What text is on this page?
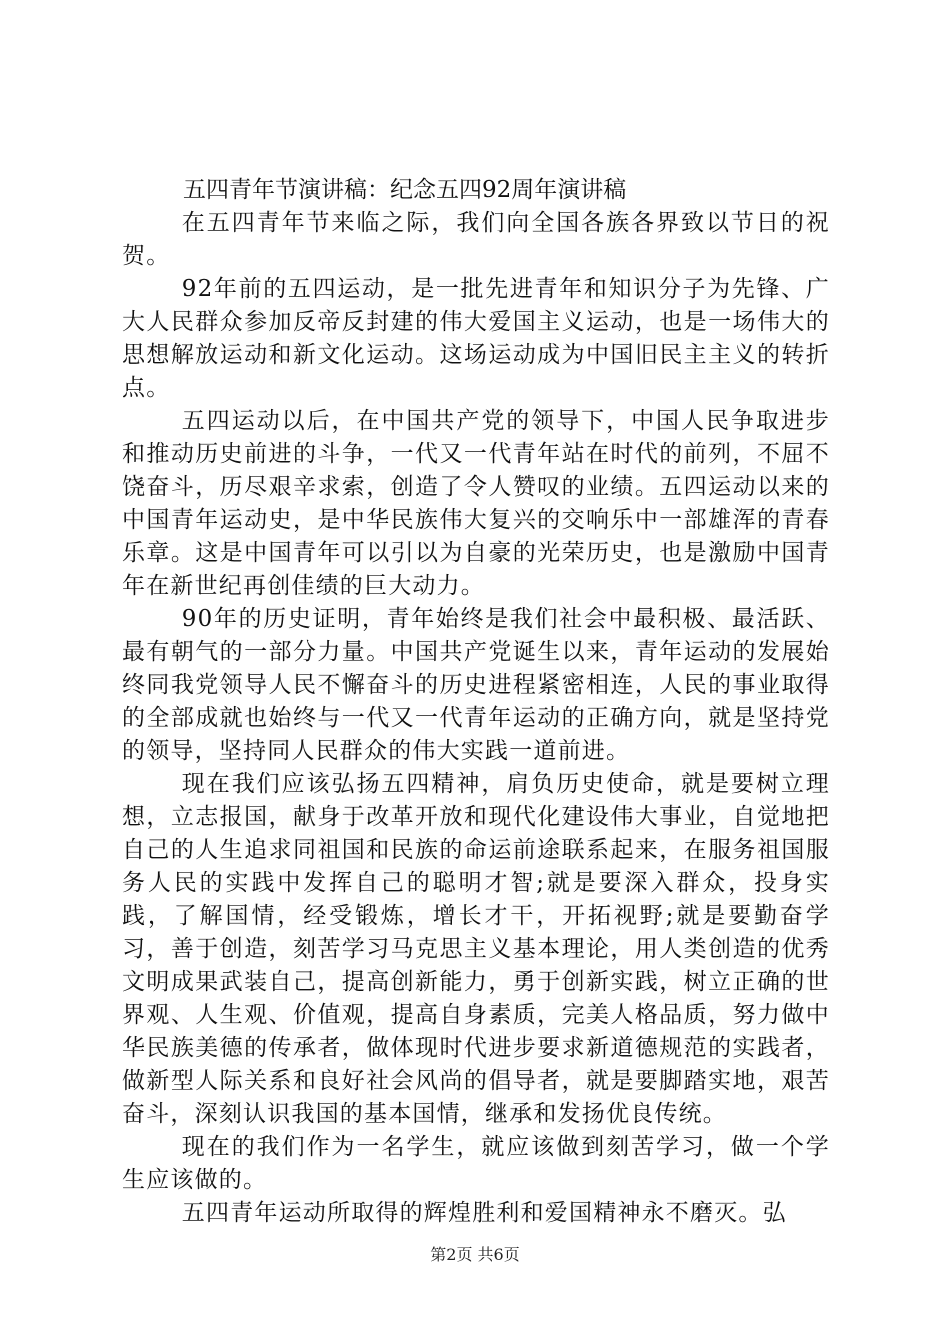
五四青年节演讲稿：纪念五四92周年演讲稿

在五四青年节来临之际，我们向全国各族各界致以节日的祝贺。

92年前的五四运动，是一批先进青年和知识分子为先锋、广大人民群众参加反帝反封建的伟大爱国主义运动，也是一场伟大的思想解放运动和新文化运动。这场运动成为中国旧民主主义的转折点。

五四运动以后，在中国共产党的领导下，中国人民争取进步和推动历史前进的斗争，一代又一代青年站在时代的前列，不屈不饶奋斗，历尽艰辛求索，创造了令人赞叹的业绩。五四运动以来的中国青年运动史，是中华民族伟大复兴的交响乐中一部雄浑的青春乐章。这是中国青年可以引以为自豪的光荣历史，也是激励中国青年在新世纪再创佳绩的巨大动力。

90年的历史证明，青年始终是我们社会中最积极、最活跃、最有朝气的一部分力量。中国共产党诞生以来，青年运动的发展始终同我党领导人民不懈奋斗的历史进程紧密相连，人民的事业取得的全部成就也始终与一代又一代青年运动的正确方向，就是坚持党的领导，坚持同人民群众的伟大实践一道前进。

现在我们应该弘扬五四精神，肩负历史使命，就是要树立理想，立志报国，献身于改革开放和现代化建设伟大事业，自觉地把自己的人生追求同祖国和民族的命运前途联系起来，在服务祖国服务人民的实践中发挥自己的聪明才智;就是要深入群众，投身实践，了解国情，经受锻炼，增长才干，开拓视野;就是要勤奋学习，善于创造，刻苦学习马克思主义基本理论，用人类创造的优秀文明成果武装自己，提高创新能力，勇于创新实践，树立正确的世界观、人生观、价值观，提高自身素质，完美人格品质，努力做中华民族美德的传承者，做体现时代进步要求新道德规范的实践者，做新型人际关系和良好社会风尚的倡导者，就是要脚踏实地，艰苦奋斗，深刻认识我国的基本国情，继承和发扬优良传统。

现在的我们作为一名学生，就应该做到刻苦学习，做一个学生应该做的。

五四青年运动所取得的辉煌胜利和爱国精神永不磨灭。弘

第2页 共6页
